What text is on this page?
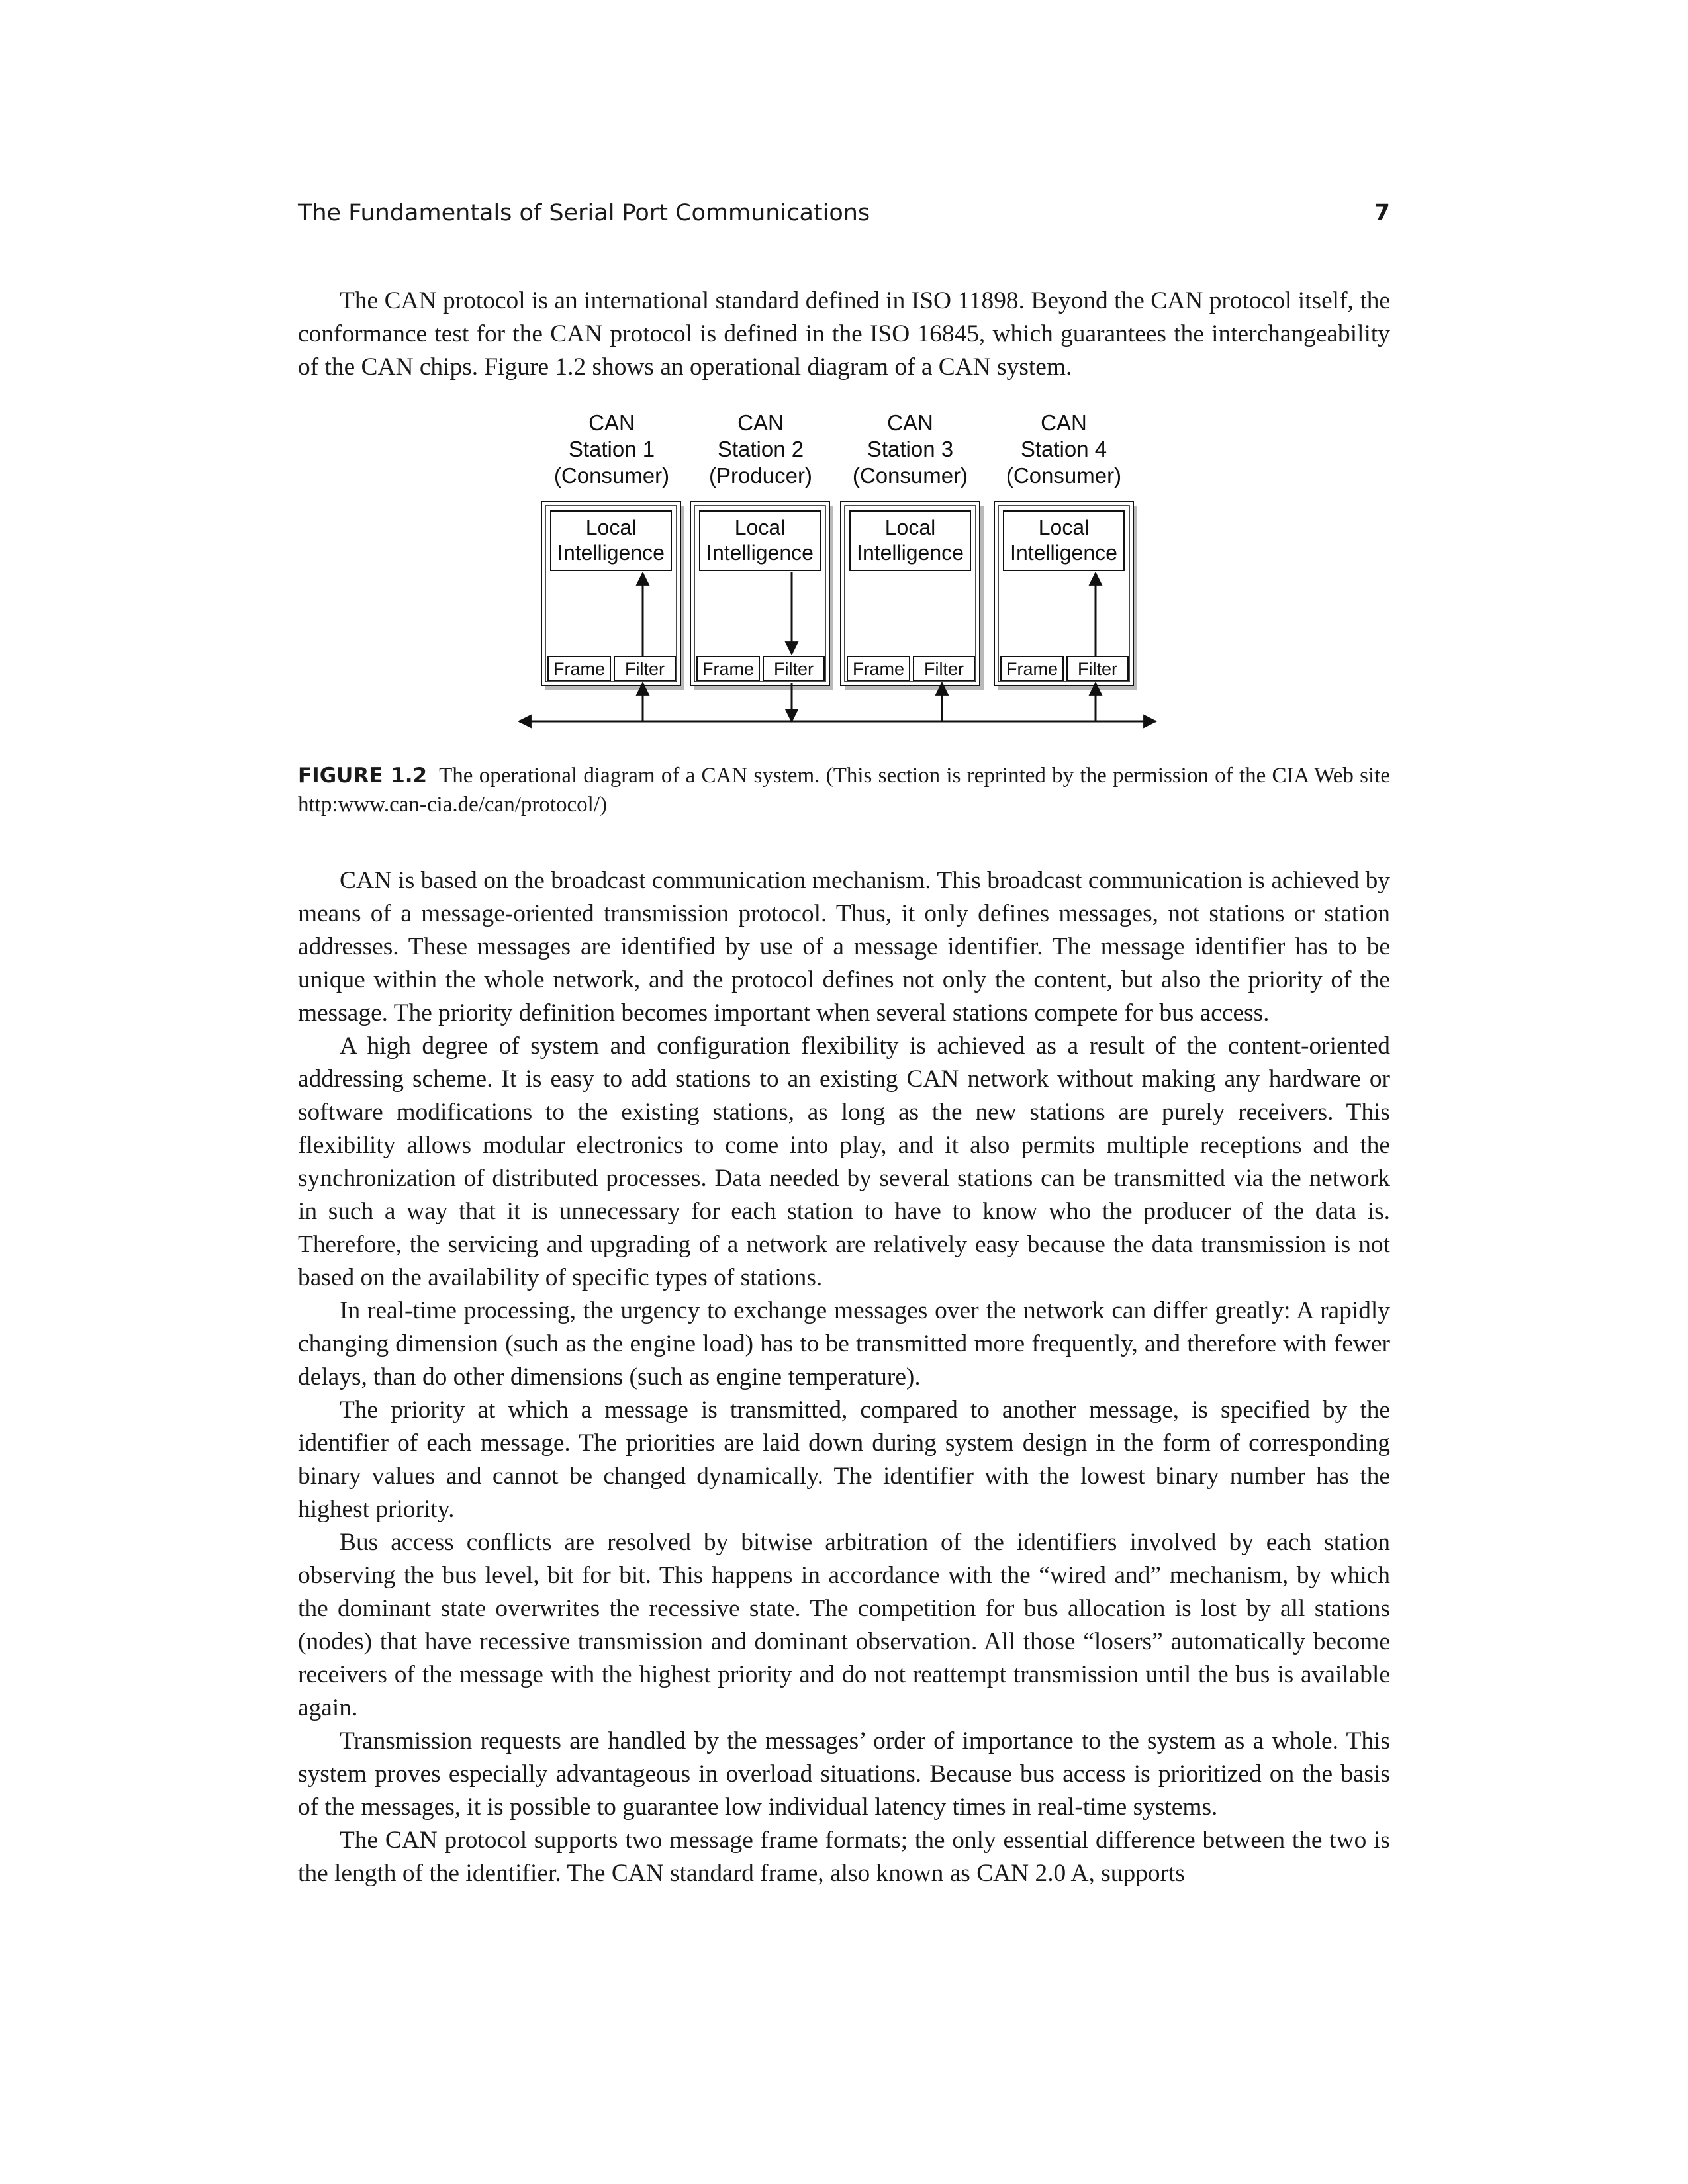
The Fundamentals of Serial Port Communications	7

The CAN protocol is an international standard defined in ISO 11898. Beyond the CAN protocol itself, the conformance test for the CAN protocol is defined in the ISO 16845, which guarantees the interchangeability of the CAN chips. Figure 1.2 shows an operational diagram of a CAN system.

CAN
Station 1
(Consumer)
Local
Intelligence
Frame Filter
CAN
Station 2
(Producer)
Local
Intelligence
Frame Filter
CAN
Station 3
(Consumer)
Local
Intelligence
Frame Filter
CAN
Station 4
(Consumer)
Local
Intelligence
Frame Filter
FIGURE 1.2 The operational diagram of a CAN system. (This section is reprinted by the permission of the CIA Web site http:www.can-cia.de/can/protocol/)

CAN is based on the broadcast communication mechanism. This broadcast communication is achieved by means of a message-oriented transmission protocol. Thus, it only defines messages, not stations or station addresses. These messages are identified by use of a message identifier. The message identifier has to be unique within the whole network, and the protocol defines not only the content, but also the priority of the message. The priority definition becomes important when several stations compete for bus access.

A high degree of system and configuration flexibility is achieved as a result of the content-oriented addressing scheme. It is easy to add stations to an existing CAN network without making any hardware or software modifications to the existing stations, as long as the new stations are purely receivers. This flexibility allows modular electronics to come into play, and it also permits multiple receptions and the synchronization of distributed processes. Data needed by several stations can be transmitted via the network in such a way that it is unnecessary for each station to have to know who the producer of the data is. Therefore, the servicing and upgrading of a network are relatively easy because the data transmission is not based on the availability of specific types of stations.

In real-time processing, the urgency to exchange messages over the network can differ greatly: A rapidly changing dimension (such as the engine load) has to be transmitted more frequently, and therefore with fewer delays, than do other dimensions (such as engine temperature).

The priority at which a message is transmitted, compared to another message, is specified by the identifier of each message. The priorities are laid down during system design in the form of corresponding binary values and cannot be changed dynamically. The identifier with the lowest binary number has the highest priority.

Bus access conflicts are resolved by bitwise arbitration of the identifiers involved by each station observing the bus level, bit for bit. This happens in accordance with the “wired and” mechanism, by which the dominant state overwrites the recessive state. The competition for bus allocation is lost by all stations (nodes) that have recessive transmission and dominant observation. All those “losers” automatically become receivers of the message with the highest priority and do not reattempt transmission until the bus is available again.

Transmission requests are handled by the messages’ order of importance to the system as a whole. This system proves especially advantageous in overload situations. Because bus access is prioritized on the basis of the messages, it is possible to guarantee low individual latency times in real-time systems.

The CAN protocol supports two message frame formats; the only essential difference between the two is the length of the identifier. The CAN standard frame, also known as CAN 2.0 A, supports
